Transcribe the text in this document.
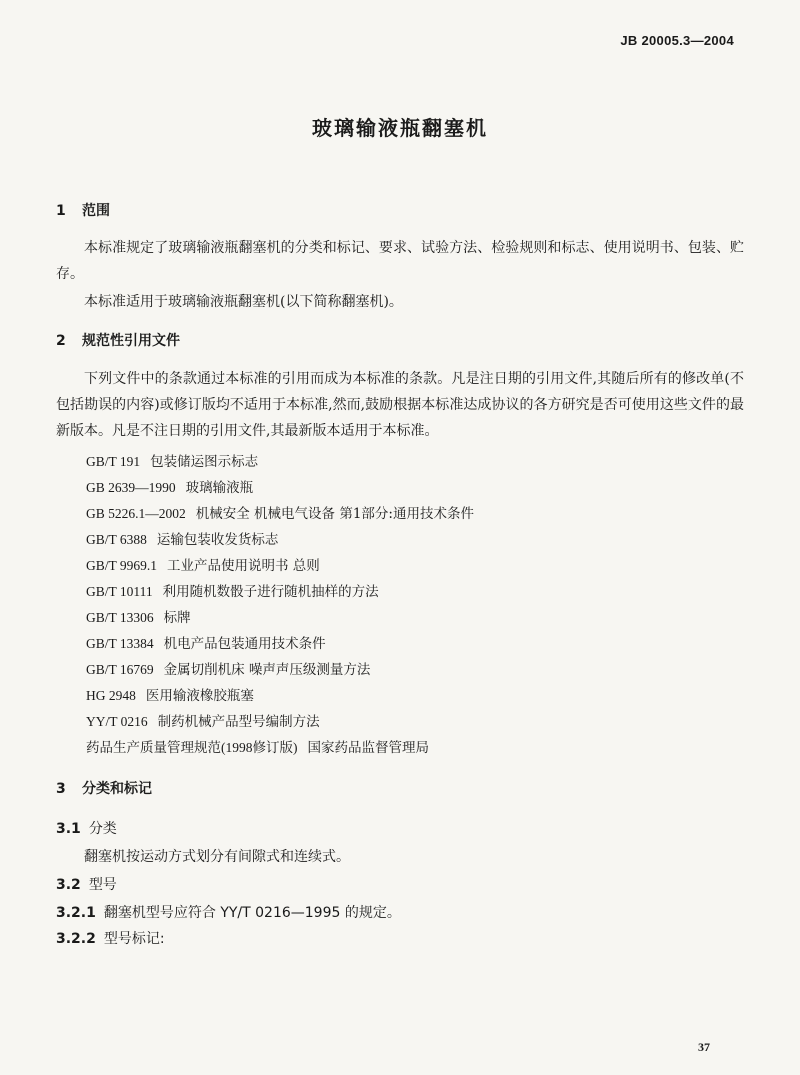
JB 20005.3—2004
玻璃输液瓶翻塞机
1 范围
本标准规定了玻璃输液瓶翻塞机的分类和标记、要求、试验方法、检验规则和标志、使用说明书、包装、贮存。
本标准适用于玻璃输液瓶翻塞机(以下简称翻塞机)。
2 规范性引用文件
下列文件中的条款通过本标准的引用而成为本标准的条款。凡是注日期的引用文件,其随后所有的修改单(不包括勘误的内容)或修订版均不适用于本标准,然而,鼓励根据本标准达成协议的各方研究是否可使用这些文件的最新版本。凡是不注日期的引用文件,其最新版本适用于本标准。
GB/T 191 包装储运图示标志
GB 2639—1990 玻璃输液瓶
GB 5226.1—2002 机械安全 机械电气设备 第1部分:通用技术条件
GB/T 6388 运输包装收发货标志
GB/T 9969.1 工业产品使用说明书 总则
GB/T 10111 利用随机数骰子进行随机抽样的方法
GB/T 13306 标牌
GB/T 13384 机电产品包装通用技术条件
GB/T 16769 金属切削机床 噪声声压级测量方法
HG 2948 医用输液橡胶瓶塞
YY/T 0216 制药机械产品型号编制方法
药品生产质量管理规范(1998修订版) 国家药品监督管理局
3 分类和标记
3.1 分类
翻塞机按运动方式划分有间隙式和连续式。
3.2 型号
3.2.1 翻塞机型号应符合 YY/T 0216—1995 的规定。
3.2.2 型号标记:
37
